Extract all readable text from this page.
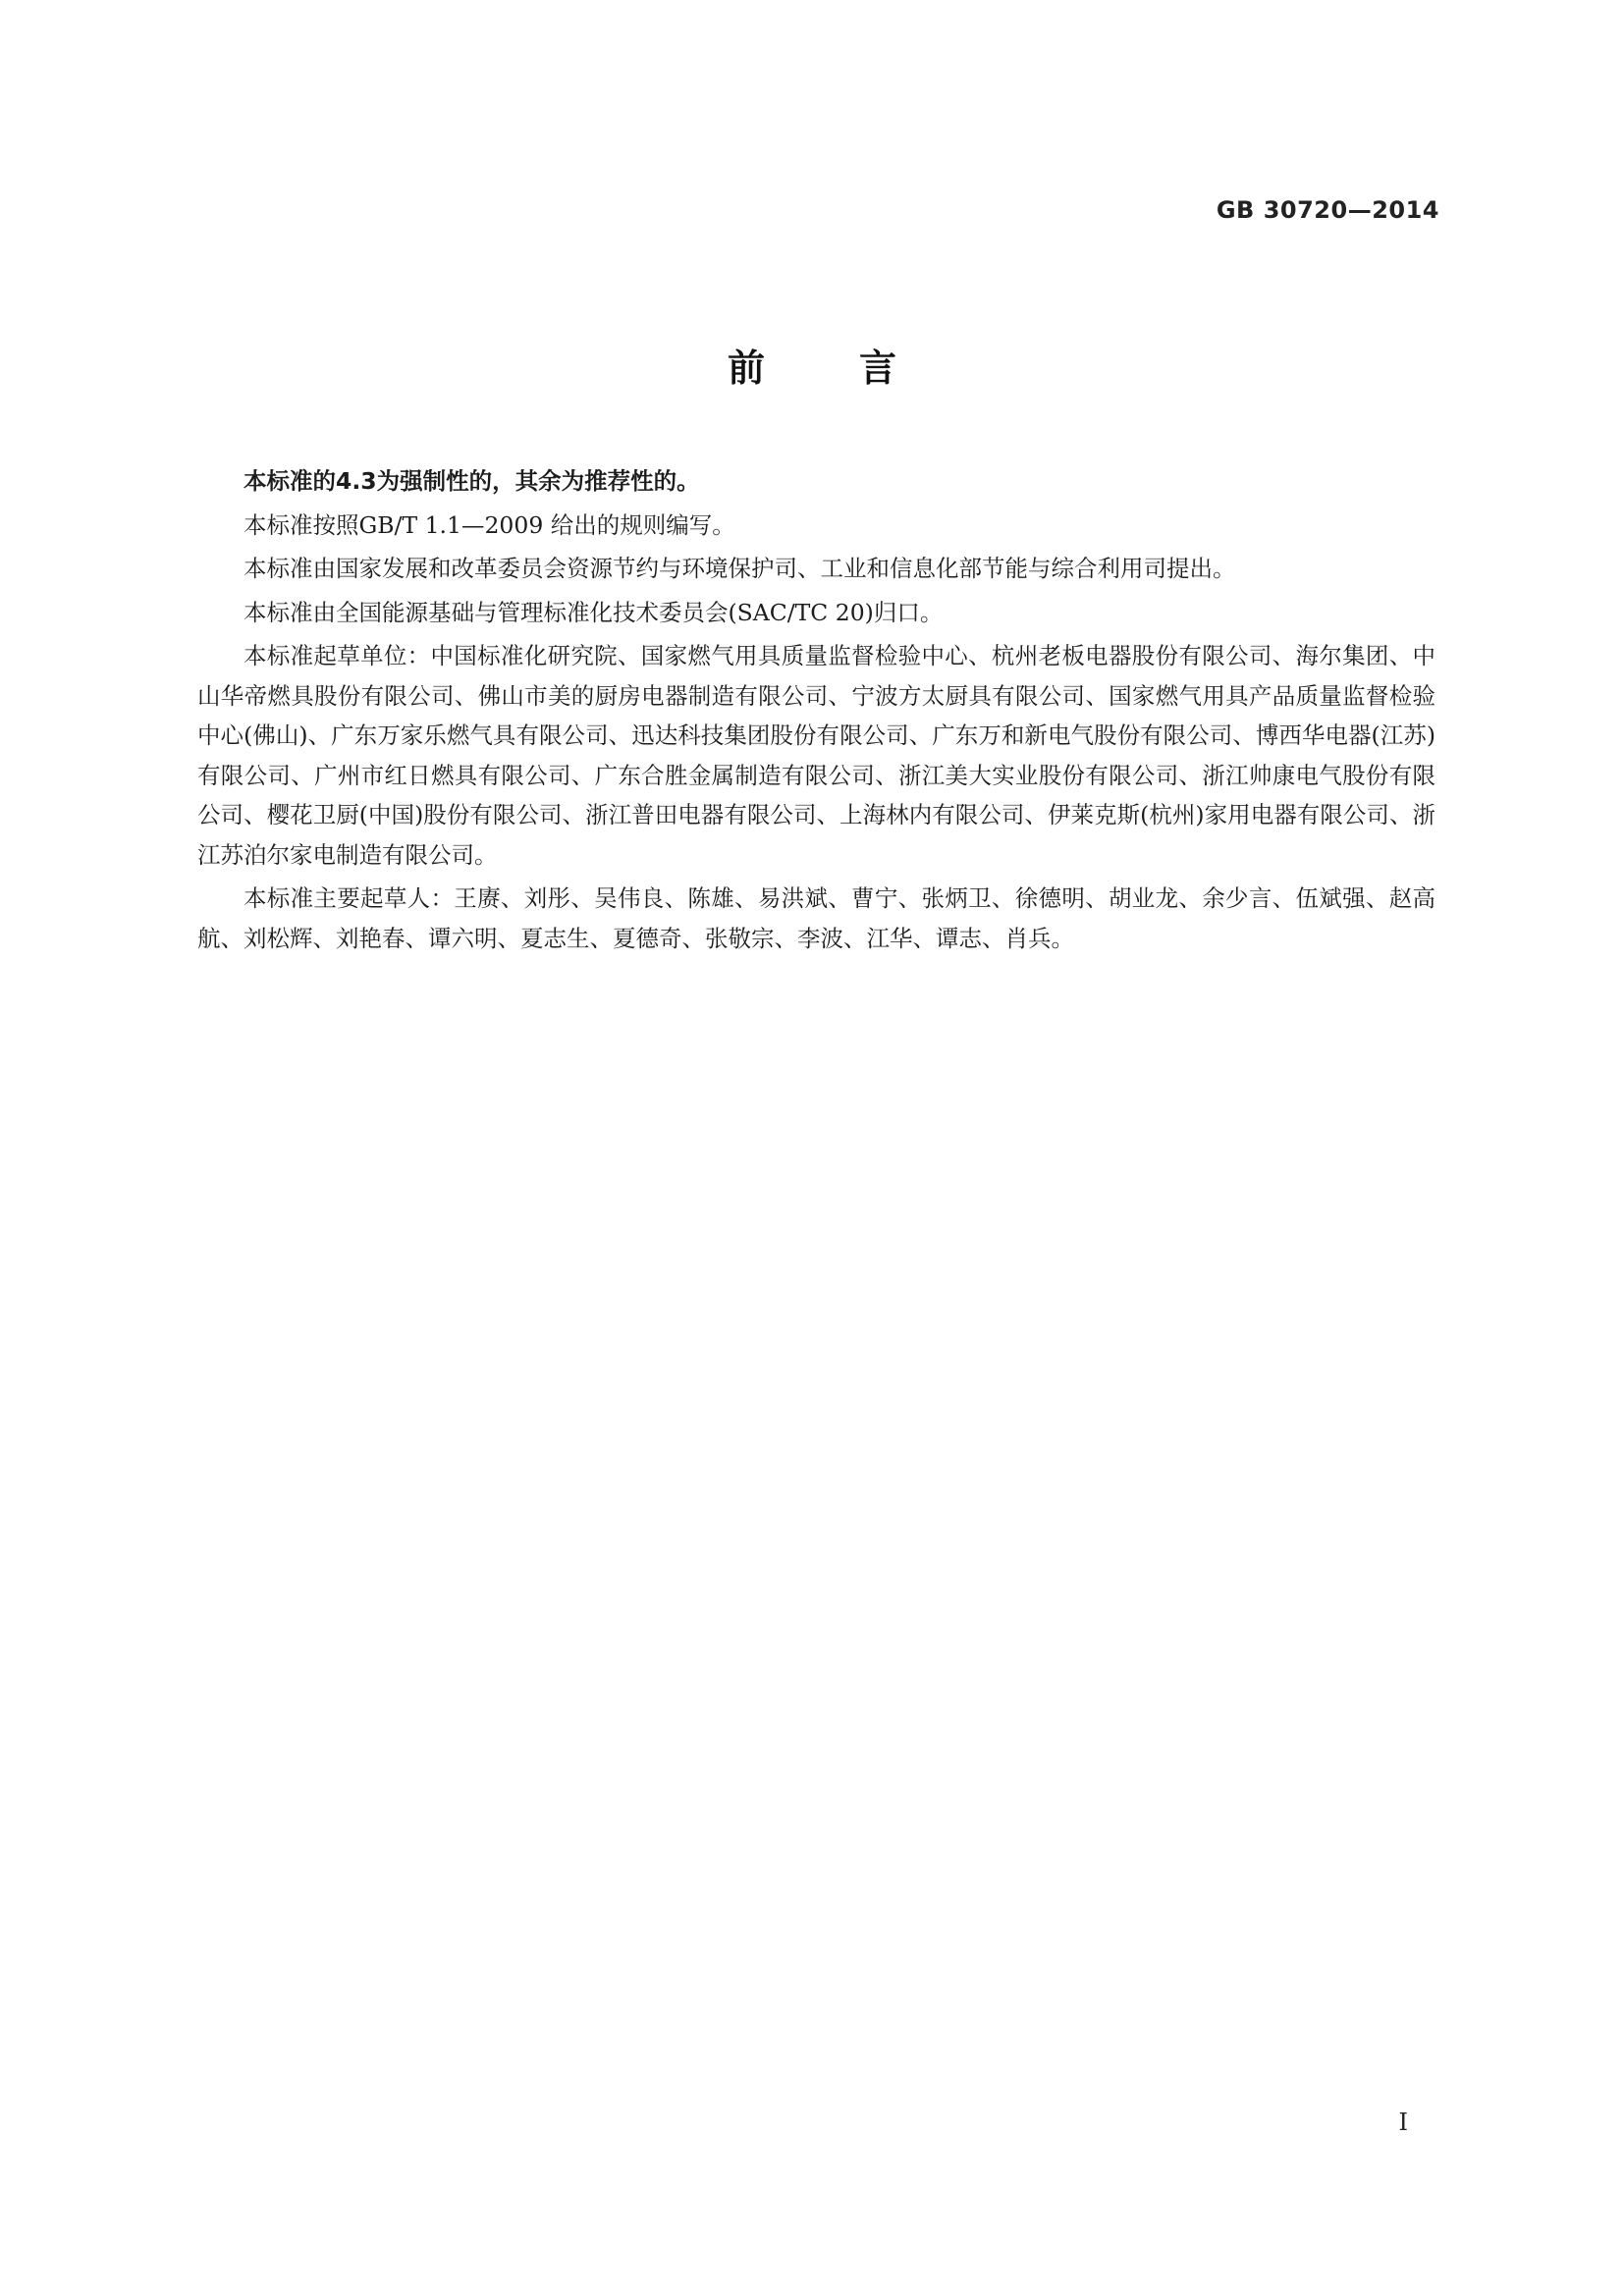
GB 30720—2014
前言

本标准的4.3为强制性的，其余为推荐性的。

本标准按照GB/T 1.1—2009 给出的规则编写。

本标准由国家发展和改革委员会资源节约与环境保护司、工业和信息化部节能与综合利用司提出。

本标准由全国能源基础与管理标准化技术委员会(SAC/TC 20)归口。

本标准起草单位：中国标准化研究院、国家燃气用具质量监督检验中心、杭州老板电器股份有限公司、海尔集团、中山华帝燃具股份有限公司、佛山市美的厨房电器制造有限公司、宁波方太厨具有限公司、国家燃气用具产品质量监督检验中心(佛山)、广东万家乐燃气具有限公司、迅达科技集团股份有限公司、广东万和新电气股份有限公司、博西华电器(江苏)有限公司、广州市红日燃具有限公司、广东合胜金属制造有限公司、浙江美大实业股份有限公司、浙江帅康电气股份有限公司、樱花卫厨(中国)股份有限公司、浙江普田电器有限公司、上海林内有限公司、伊莱克斯(杭州)家用电器有限公司、浙江苏泊尔家电制造有限公司。

本标准主要起草人：王赓、刘彤、吴伟良、陈雄、易洪斌、曹宁、张炳卫、徐德明、胡业龙、余少言、伍斌强、赵高航、刘松辉、刘艳春、谭六明、夏志生、夏德奇、张敬宗、李波、江华、谭志、肖兵。

I
